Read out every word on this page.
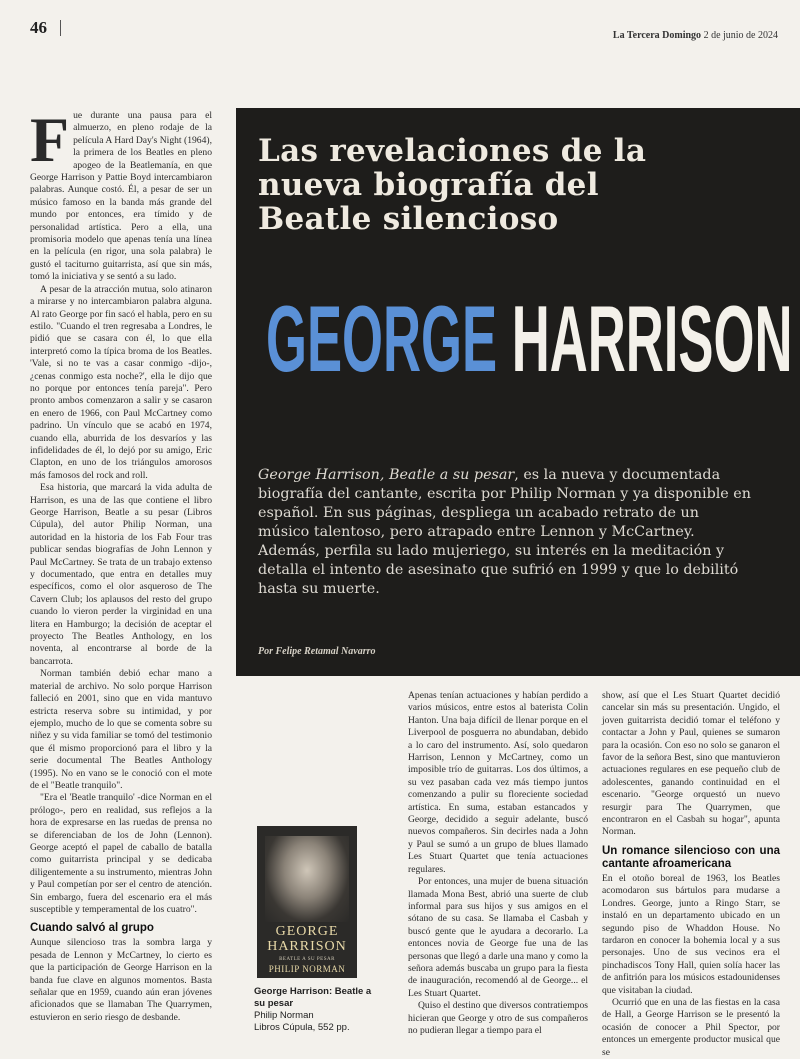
46	La Tercera Domingo 2 de junio de 2024

Fue durante una pausa para el almuerzo, en pleno rodaje de la película A Hard Day's Night (1964), la primera de los Beatles en pleno apogeo de la Beatlemanía, en que George Harrison y Pattie Boyd intercambiaron palabras. Aunque costó. Él, a pesar de ser un músico famoso en la banda más grande del mundo por entonces, era tímido y de personalidad artística. Pero a ella, una promisoria modelo que apenas tenía una línea en la película (en rigor, una sola palabra) le gustó el taciturno guitarrista, así que sin más, tomó la iniciativa y se sentó a su lado.

A pesar de la atracción mutua, solo atinaron a mirarse y no intercambiaron palabra alguna. Al rato George por fin sacó el habla, pero en su estilo. "Cuando el tren regresaba a Londres, le pidió que se casara con él, lo que ella interpretó como la típica broma de los Beatles. 'Vale, si no te vas a casar conmigo -dijo-, ¿cenas conmigo esta noche?', ella le dijo que no porque por entonces tenía pareja". Pero pronto ambos comenzaron a salir y se casaron en enero de 1966, con Paul McCartney como padrino. Un vínculo que se acabó en 1974, cuando ella, aburrida de los desvaríos y las infidelidades de él, lo dejó por su amigo, Eric Clapton, en uno de los triángulos amorosos más famosos del rock and roll.

Esa historia, que marcará la vida adulta de Harrison, es una de las que contiene el libro George Harrison, Beatle a su pesar (Libros Cúpula), del autor Philip Norman, una autoridad en la historia de los Fab Four tras publicar sendas biografías de John Lennon y Paul McCartney. Se trata de un trabajo extenso y documentado, que entra en detalles muy específicos, como el olor asqueroso de The Cavern Club; los aplausos del resto del grupo cuando lo vieron perder la virginidad en una litera en Hamburgo; la decisión de aceptar el proyecto The Beatles Anthology, en los noventa, al encontrarse al borde de la bancarrota.

Norman también debió echar mano a material de archivo. No solo porque Harrison falleció en 2001, sino que en vida mantuvo estricta reserva sobre su intimidad, y por ejemplo, mucho de lo que se comenta sobre su niñez y su vida familiar se tomó del testimonio que él mismo proporcionó para el libro y la serie documental The Beatles Anthology (1995). No en vano se le conoció con el mote de el "Beatle tranquilo".

"Era el 'Beatle tranquilo' -dice Norman en el prólogo-, pero en realidad, sus reflejos a la hora de expresarse en las ruedas de prensa no se diferenciaban de los de John (Lennon). George aceptó el papel de caballo de batalla como guitarrista principal y se dedicaba diligentemente a su instrumento, mientras John y Paul competían por ser el centro de atención. Sin embargo, fuera del escenario era el más susceptible y temperamental de los cuatro".

Cuando salvó al grupo

Aunque silencioso tras la sombra larga y pesada de Lennon y McCartney, lo cierto es que la participación de George Harrison en la banda fue clave en algunos momentos. Basta señalar que en 1959, cuando aún eran jóvenes aficionados que se llamaban The Quarrymen, estuvieron en serio riesgo de desbande.

Las revelaciones de la nueva biografía del Beatle silencioso
GEORGE HARRISON
George Harrison, Beatle a su pesar, es la nueva y documentada biografía del cantante, escrita por Philip Norman y ya disponible en español. En sus páginas, despliega un acabado retrato de un músico talentoso, pero atrapado entre Lennon y McCartney. Además, perfila su lado mujeriego, su interés en la meditación y detalla el intento de asesinato que sufrió en 1999 y que lo debilitó hasta su muerte.
Por Felipe Retamal Navarro
GEORGE
HARRISON
BEATLE A SU PESAR
PHILIP NORMAN
George Harrison: Beatle a su pesar
Philip Norman
Libros Cúpula, 552 pp.

Apenas tenían actuaciones y habían perdido a varios músicos, entre estos al baterista Colin Hanton. Una baja difícil de llenar porque en el Liverpool de posguerra no abundaban, debido a lo caro del instrumento. Así, solo quedaron Harrison, Lennon y McCartney, como un imposible trío de guitarras. Los dos últimos, a su vez pasaban cada vez más tiempo juntos comenzando a pulir su floreciente sociedad artística. En suma, estaban estancados y George, decidido a seguir adelante, buscó nuevos compañeros. Sin decirles nada a John y Paul se sumó a un grupo de blues llamado Les Stuart Quartet que tenía actuaciones regulares.

Por entonces, una mujer de buena situación llamada Mona Best, abrió una suerte de club informal para sus hijos y sus amigos en el sótano de su casa. Se llamaba el Casbah y buscó gente que le ayudara a decorarlo. La entonces novia de George fue una de las personas que llegó a darle una mano y como la señora además buscaba un grupo para la fiesta de inauguración, recomendó al de George... el Les Stuart Quartet.

Quiso el destino que diversos contratiempos hicieran que George y otro de sus compañeros no pudieran llegar a tiempo para el

show, así que el Les Stuart Quartet decidió cancelar sin más su presentación. Ungido, el joven guitarrista decidió tomar el teléfono y contactar a John y Paul, quienes se sumaron para la ocasión. Con eso no solo se ganaron el favor de la señora Best, sino que mantuvieron actuaciones regulares en ese pequeño club de adolescentes, ganando continuidad en el escenario. "George orquestó un nuevo resurgir para The Quarrymen, que encontraron en el Casbah su hogar", apunta Norman.

Un romance silencioso con una cantante afroamericana

En el otoño boreal de 1963, los Beatles acomodaron sus bártulos para mudarse a Londres. George, junto a Ringo Starr, se instaló en un departamento ubicado en un segundo piso de Whaddon House. No tardaron en conocer la bohemia local y a sus personajes. Uno de sus vecinos era el pinchadiscos Tony Hall, quien solía hacer las de anfitrión para los músicos estadounidenses que visitaban la ciudad.

Ocurrió que en una de las fiestas en la casa de Hall, a George Harrison se le presentó la ocasión de conocer a Phil Spector, por entonces un emergente productor musical que se
